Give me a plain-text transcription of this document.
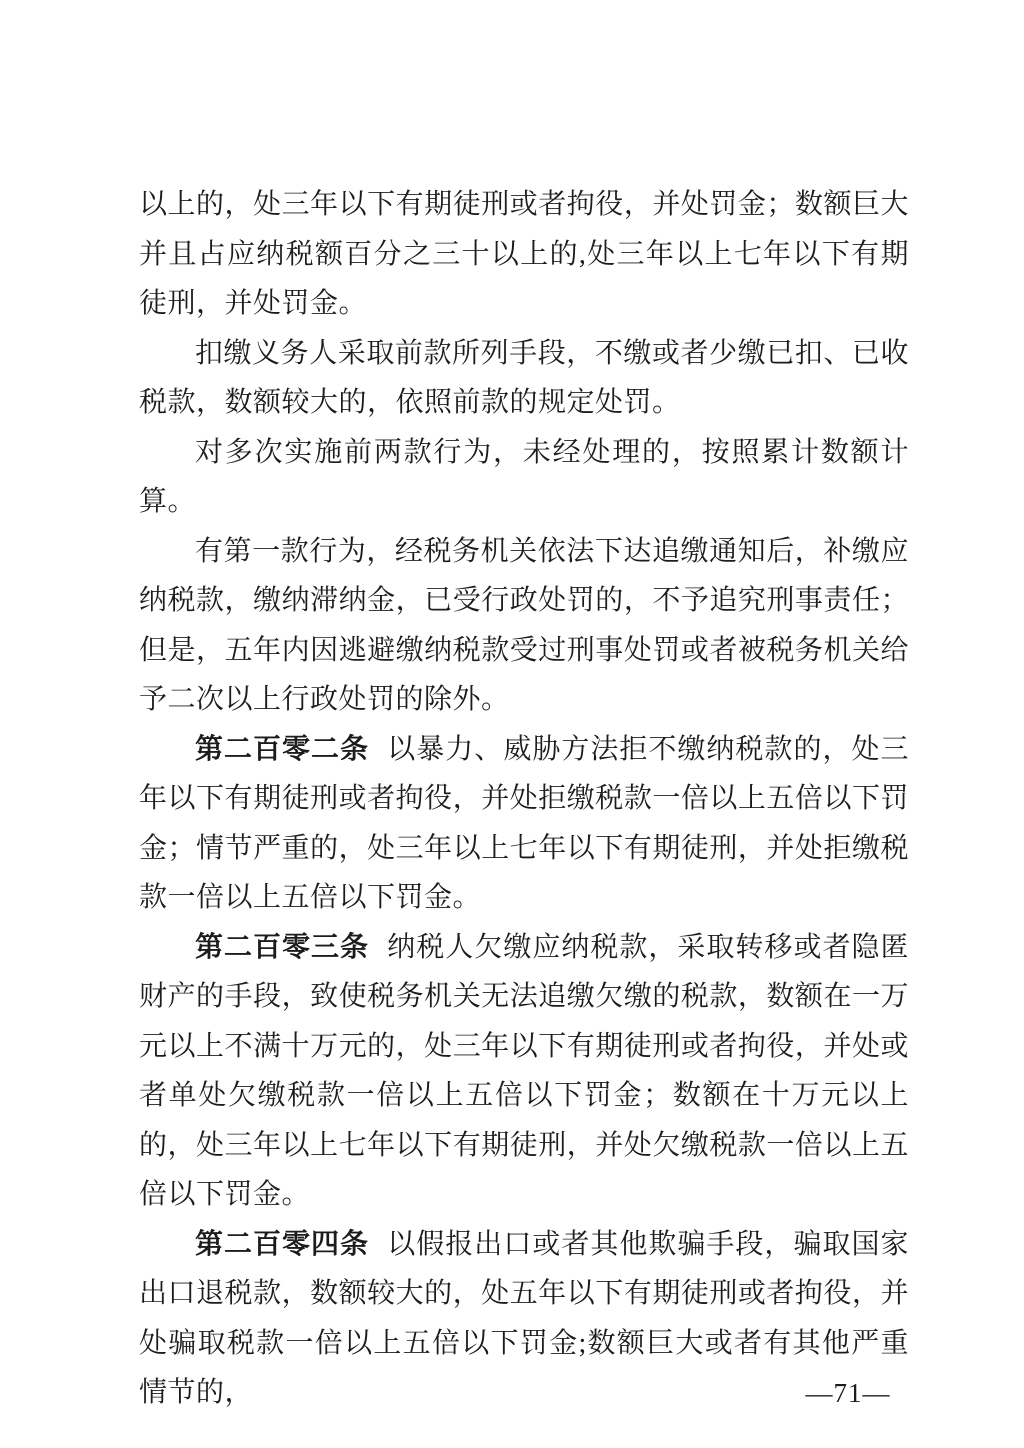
以上的，处三年以下有期徒刑或者拘役，并处罚金；数额巨大并且占应纳税额百分之三十以上的,处三年以上七年以下有期徒刑，并处罚金。

扣缴义务人采取前款所列手段，不缴或者少缴已扣、已收税款，数额较大的，依照前款的规定处罚。

对多次实施前两款行为，未经处理的，按照累计数额计算。

有第一款行为，经税务机关依法下达追缴通知后，补缴应纳税款，缴纳滞纳金，已受行政处罚的，不予追究刑事责任；但是，五年内因逃避缴纳税款受过刑事处罚或者被税务机关给予二次以上行政处罚的除外。

第二百零二条 以暴力、威胁方法拒不缴纳税款的，处三年以下有期徒刑或者拘役，并处拒缴税款一倍以上五倍以下罚金；情节严重的，处三年以上七年以下有期徒刑，并处拒缴税款一倍以上五倍以下罚金。

第二百零三条 纳税人欠缴应纳税款，采取转移或者隐匿财产的手段，致使税务机关无法追缴欠缴的税款，数额在一万元以上不满十万元的，处三年以下有期徒刑或者拘役，并处或者单处欠缴税款一倍以上五倍以下罚金；数额在十万元以上的，处三年以上七年以下有期徒刑，并处欠缴税款一倍以上五倍以下罚金。

第二百零四条 以假报出口或者其他欺骗手段，骗取国家出口退税款，数额较大的，处五年以下有期徒刑或者拘役，并处骗取税款一倍以上五倍以下罚金;数额巨大或者有其他严重情节的，	—71—
